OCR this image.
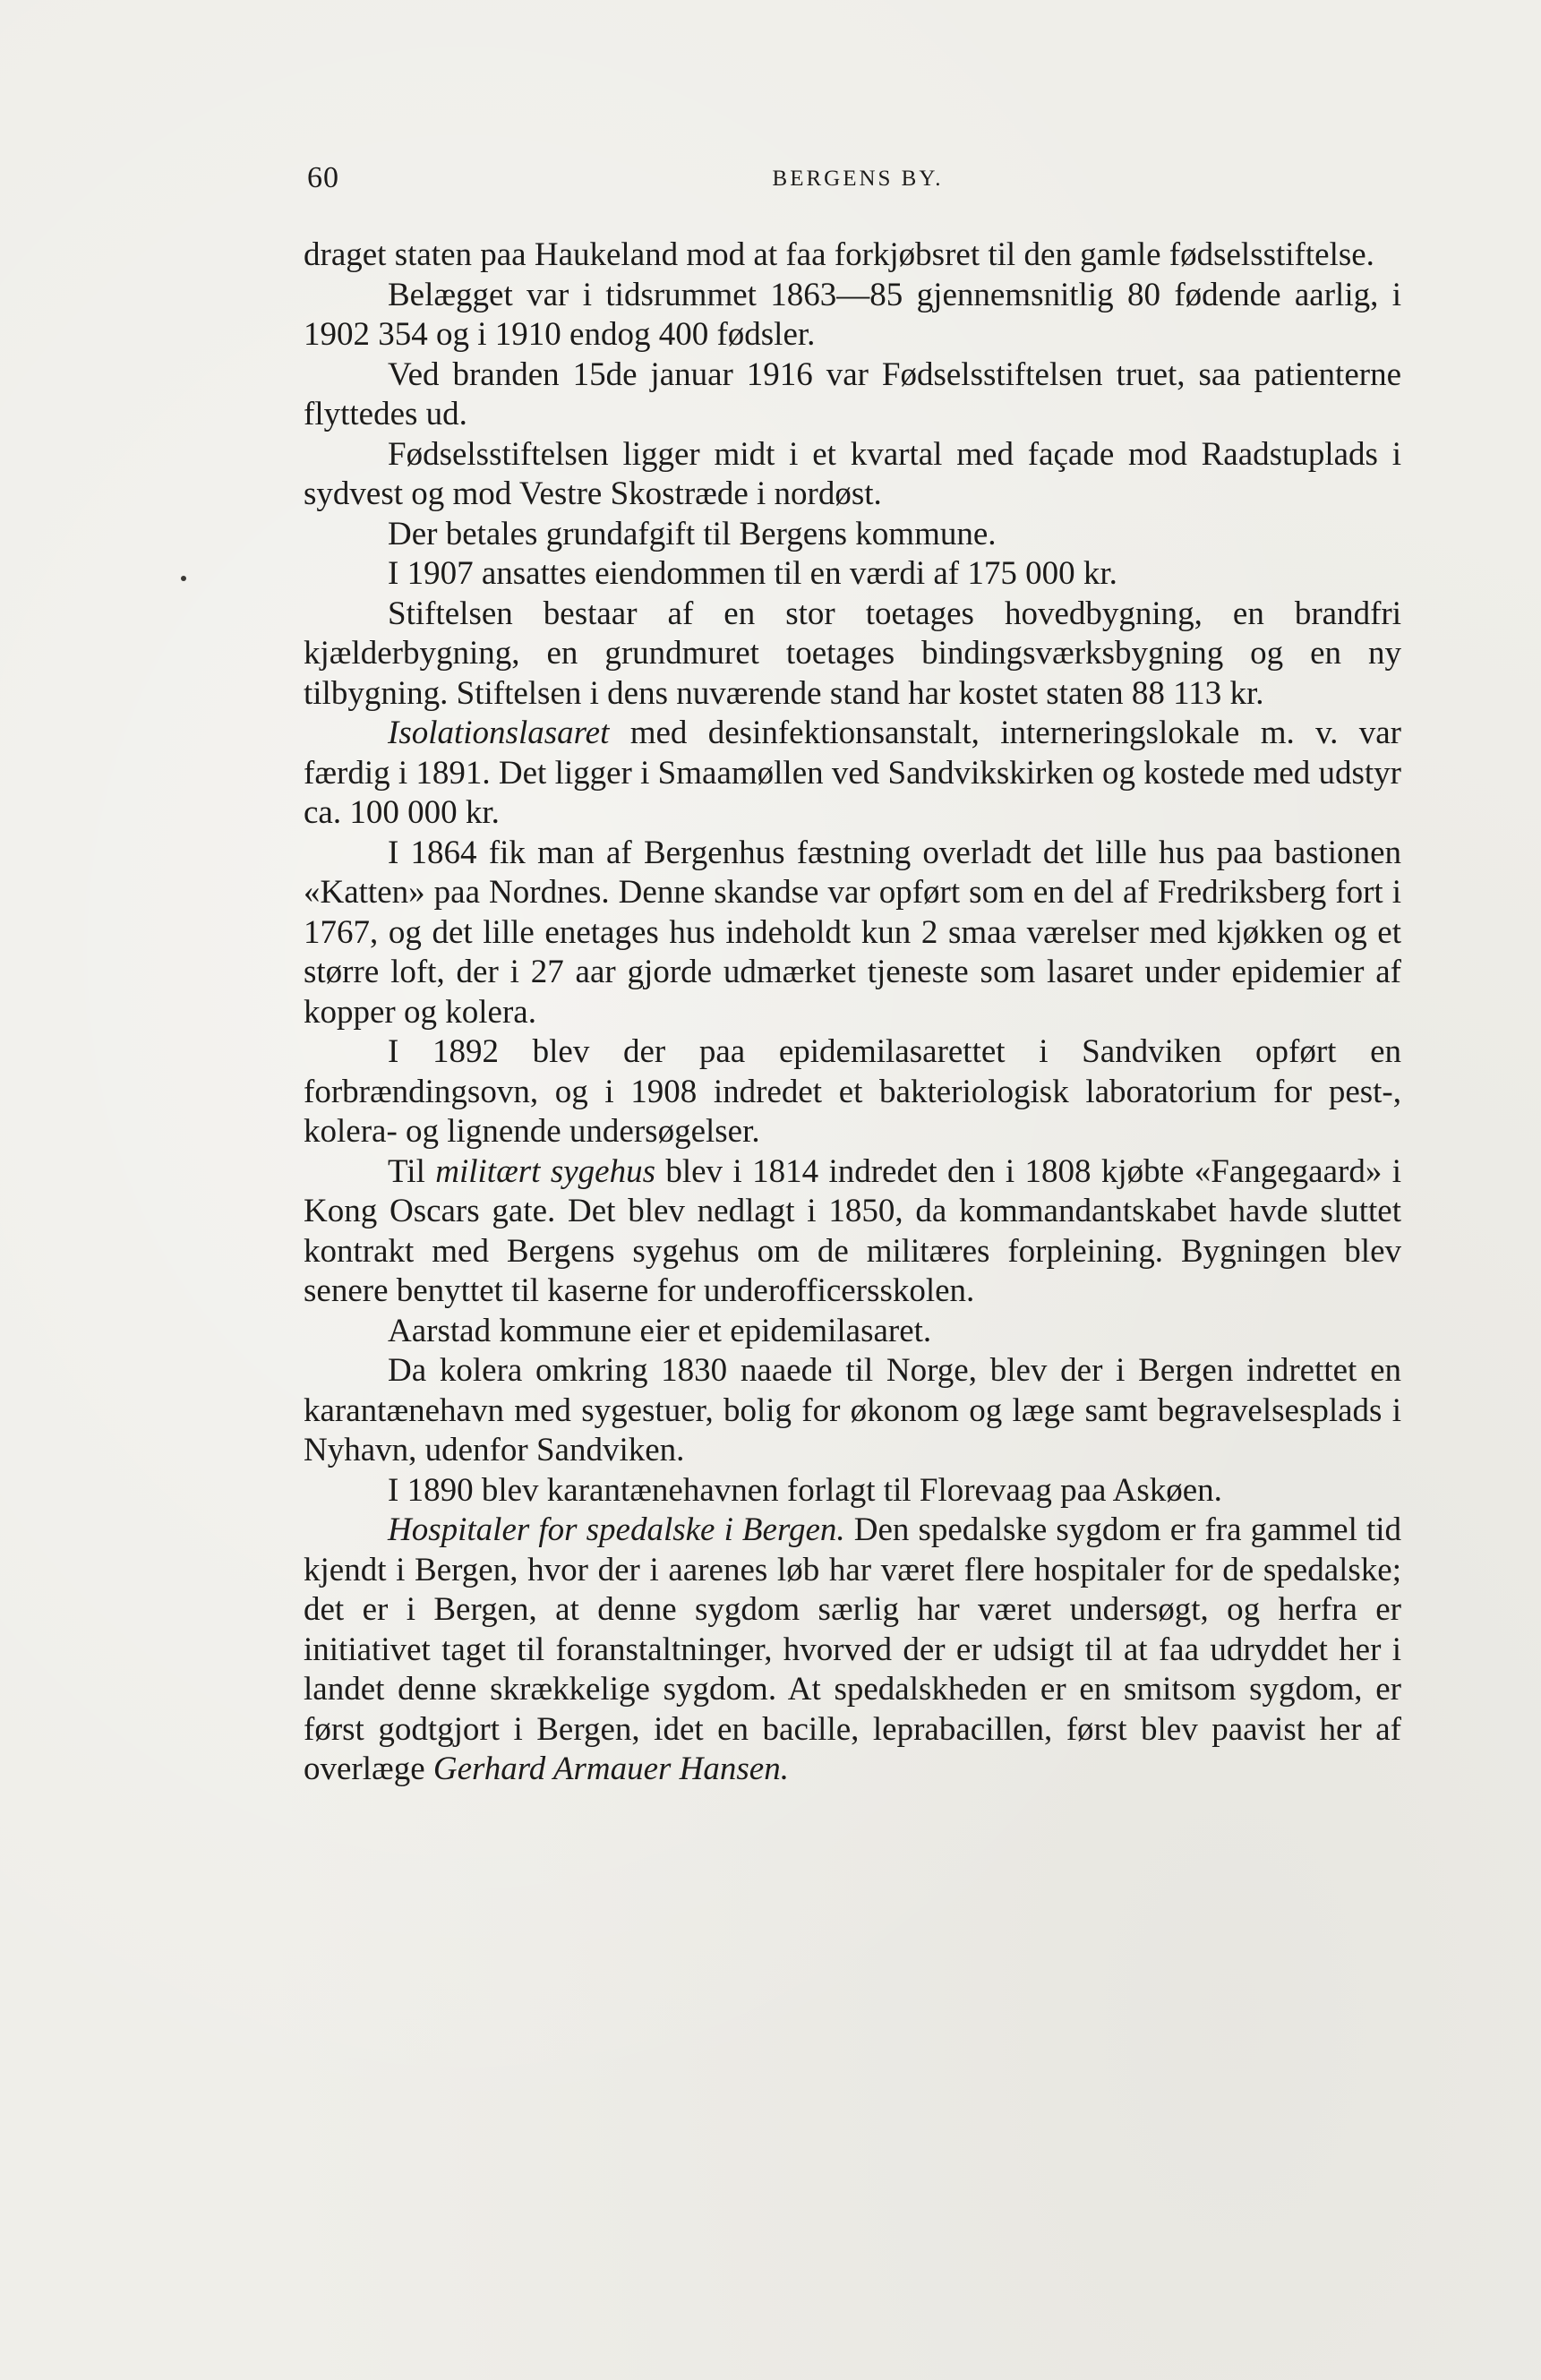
60	BERGENS BY.

draget staten paa Haukeland mod at faa forkjøbsret til den gamle fødselsstiftelse.

Belægget var i tidsrummet 1863—85 gjennemsnitlig 80 fødende aarlig, i 1902 354 og i 1910 endog 400 fødsler.

Ved branden 15de januar 1916 var Fødselsstiftelsen truet, saa patienterne flyttedes ud.

Fødselsstiftelsen ligger midt i et kvartal med façade mod Raadstuplads i sydvest og mod Vestre Skostræde i nordøst.

Der betales grundafgift til Bergens kommune.

I 1907 ansattes eiendommen til en værdi af 175 000 kr.

Stiftelsen bestaar af en stor toetages hovedbygning, en brandfri kjælderbygning, en grundmuret toetages bindingsværksbygning og en ny tilbygning. Stiftelsen i dens nuværende stand har kostet staten 88 113 kr.

Isolationslasaret med desinfektionsanstalt, interneringslokale m. v. var færdig i 1891. Det ligger i Smaamøllen ved Sandvikskirken og kostede med udstyr ca. 100 000 kr.

I 1864 fik man af Bergenhus fæstning overladt det lille hus paa bastionen «Katten» paa Nordnes. Denne skandse var opført som en del af Fredriksberg fort i 1767, og det lille enetages hus indeholdt kun 2 smaa værelser med kjøkken og et større loft, der i 27 aar gjorde udmærket tjeneste som lasaret under epidemier af kopper og kolera.

I 1892 blev der paa epidemilasarettet i Sandviken opført en forbrændingsovn, og i 1908 indredet et bakteriologisk laboratorium for pest-, kolera- og lignende undersøgelser.

Til militært sygehus blev i 1814 indredet den i 1808 kjøbte «Fangegaard» i Kong Oscars gate. Det blev nedlagt i 1850, da kommandantskabet havde sluttet kontrakt med Bergens sygehus om de militæres forpleining. Bygningen blev senere benyttet til kaserne for underofficersskolen.

Aarstad kommune eier et epidemilasaret.

Da kolera omkring 1830 naaede til Norge, blev der i Bergen indrettet en karantænehavn med sygestuer, bolig for økonom og læge samt begravelsesplads i Nyhavn, udenfor Sandviken.

I 1890 blev karantænehavnen forlagt til Florevaag paa Askøen.

Hospitaler for spedalske i Bergen. Den spedalske sygdom er fra gammel tid kjendt i Bergen, hvor der i aarenes løb har været flere hospitaler for de spedalske; det er i Bergen, at denne sygdom særlig har været undersøgt, og herfra er initiativet taget til foranstaltninger, hvorved der er udsigt til at faa udryddet her i landet denne skrækkelige sygdom. At spedalskheden er en smitsom sygdom, er først godtgjort i Bergen, idet en bacille, leprabacillen, først blev paavist her af overlæge Gerhard Armauer Hansen.
